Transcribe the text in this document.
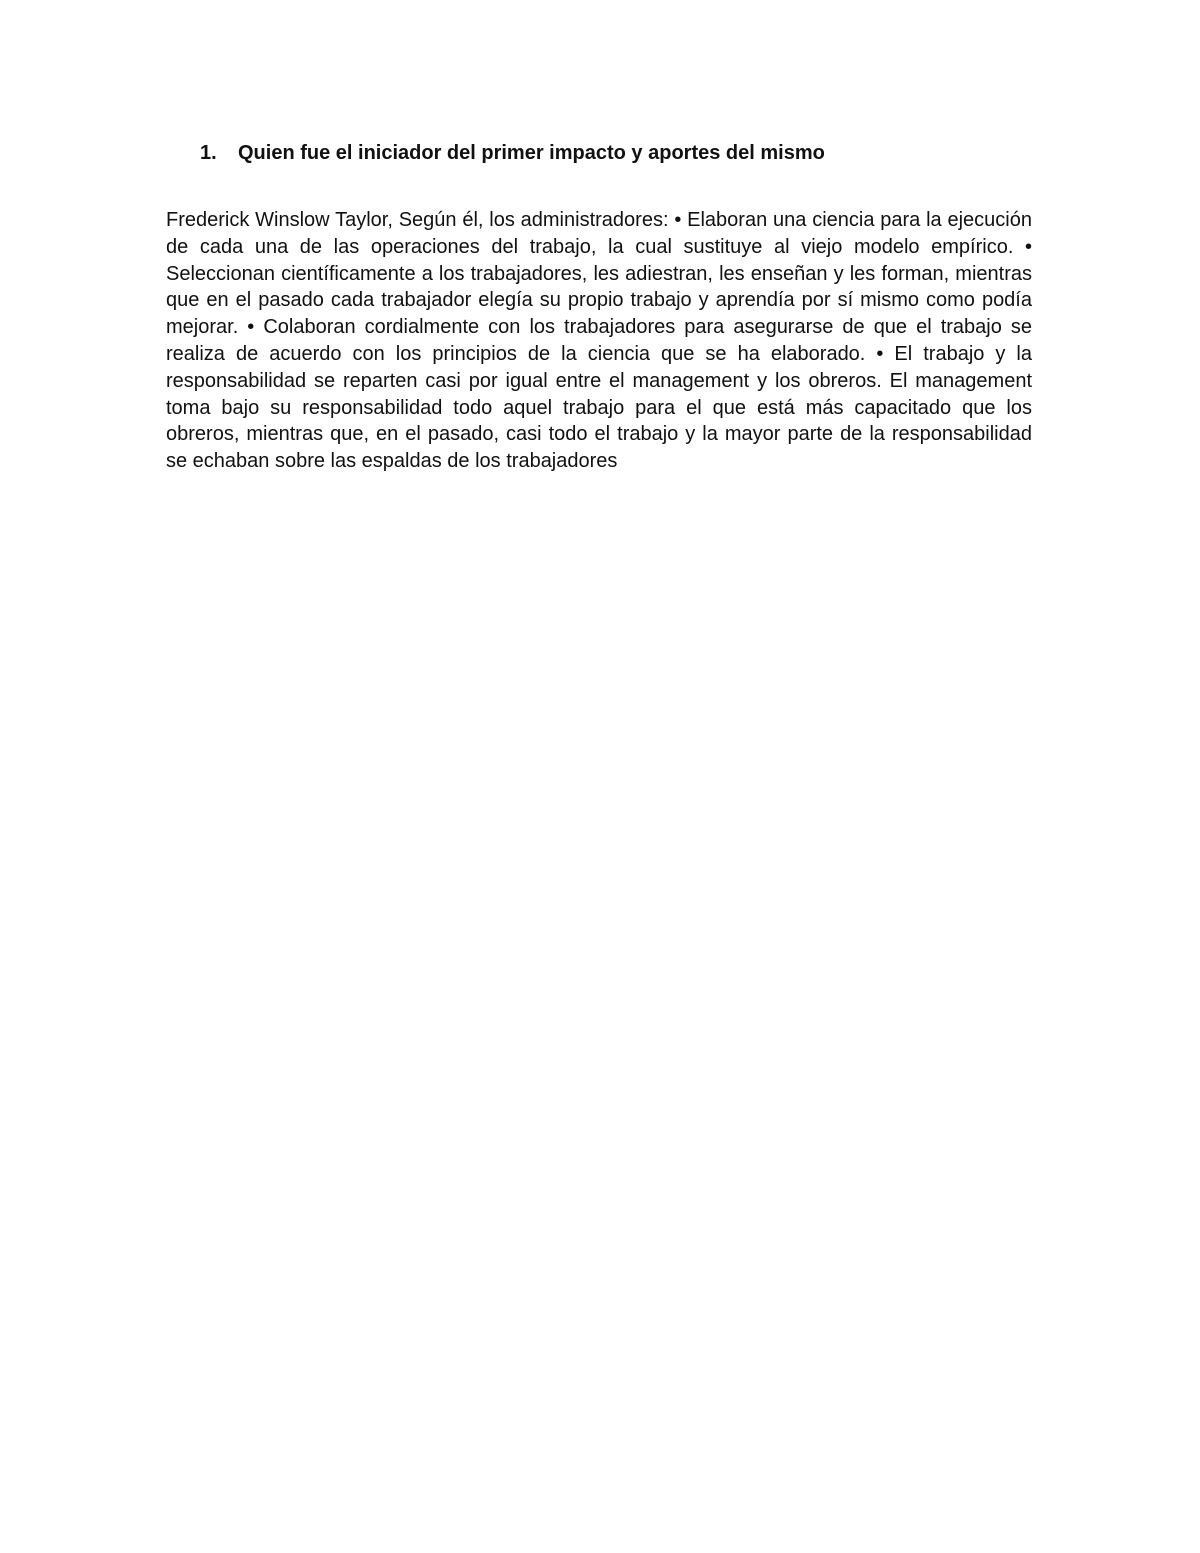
1. Quien fue el iniciador del primer impacto y aportes del mismo

Frederick Winslow Taylor, Según él, los administradores: • Elaboran una ciencia para la ejecución de cada una de las operaciones del trabajo, la cual sustituye al viejo modelo empírico. • Seleccionan científicamente a los trabajadores, les adiestran, les enseñan y les forman, mientras que en el pasado cada trabajador elegía su propio trabajo y aprendía por sí mismo como podía mejorar. • Colaboran cordialmente con los trabajadores para asegurarse de que el trabajo se realiza de acuerdo con los principios de la ciencia que se ha elaborado. • El trabajo y la responsabilidad se reparten casi por igual entre el management y los obreros. El management toma bajo su responsabilidad todo aquel trabajo para el que está más capacitado que los obreros, mientras que, en el pasado, casi todo el trabajo y la mayor parte de la responsabilidad se echaban sobre las espaldas de los trabajadores
